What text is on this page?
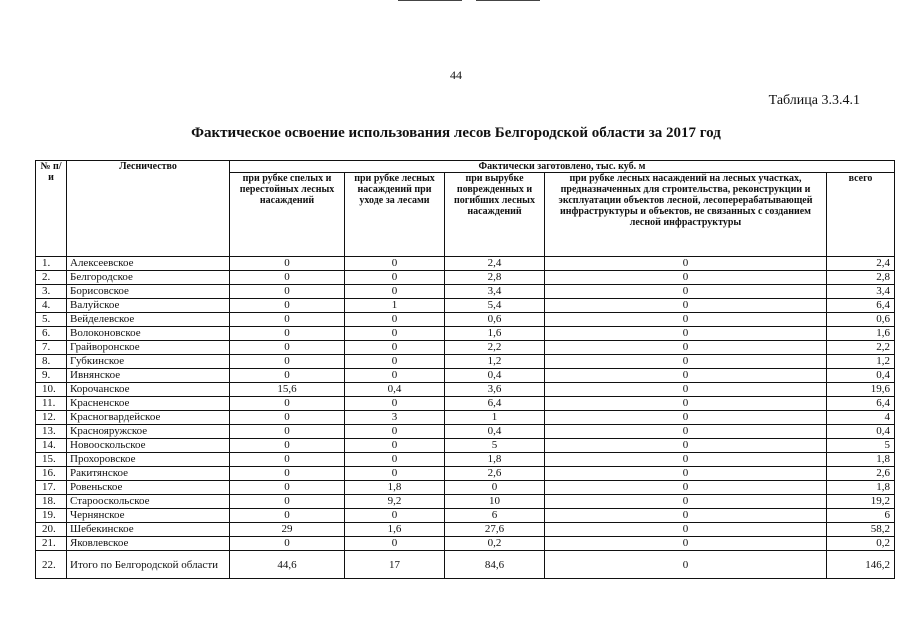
44
Таблица 3.3.4.1
Фактическое освоение использования лесов Белгородской области за 2017 год
№ п/и	Лесничество	Фактически заготовлено, тыс. куб. м				
		при рубке спелых и перестойных лесных насаждений	при рубке лесных насаждений при уходе за лесами	при вырубке поврежденных и погибших лесных насаждений	при рубке лесных насаждений на лесных участках, предназначенных для строительства, реконструкции и эксплуатации объектов лесной, лесоперерабатывающей инфраструктуры и объектов, не связанных с созданием лесной инфраструктуры	всего
1.	Алексеевское	0	0	2,4	0	2,4
2.	Белгородское	0	0	2,8	0	2,8
3.	Борисовское	0	0	3,4	0	3,4
4.	Валуйское	0	1	5,4	0	6,4
5.	Вейделевское	0	0	0,6	0	0,6
6.	Волоконовское	0	0	1,6	0	1,6
7.	Грайворонское	0	0	2,2	0	2,2
8.	Губкинское	0	0	1,2	0	1,2
9.	Ивнянское	0	0	0,4	0	0,4
10.	Корочанское	15,6	0,4	3,6	0	19,6
11.	Красненское	0	0	6,4	0	6,4
12.	Красногвардейское	0	3	1	0	4
13.	Краснояружское	0	0	0,4	0	0,4
14.	Новооскольское	0	0	5	0	5
15.	Прохоровское	0	0	1,8	0	1,8
16.	Ракитянское	0	0	2,6	0	2,6
17.	Ровеньское	0	1,8	0	0	1,8
18.	Старооскольское	0	9,2	10	0	19,2
19.	Чернянское	0	0	6	0	6
20.	Шебекинское	29	1,6	27,6	0	58,2
21.	Яковлевское	0	0	0,2	0	0,2
22.	Итого по Белгородской области	44,6	17	84,6	0	146,2
